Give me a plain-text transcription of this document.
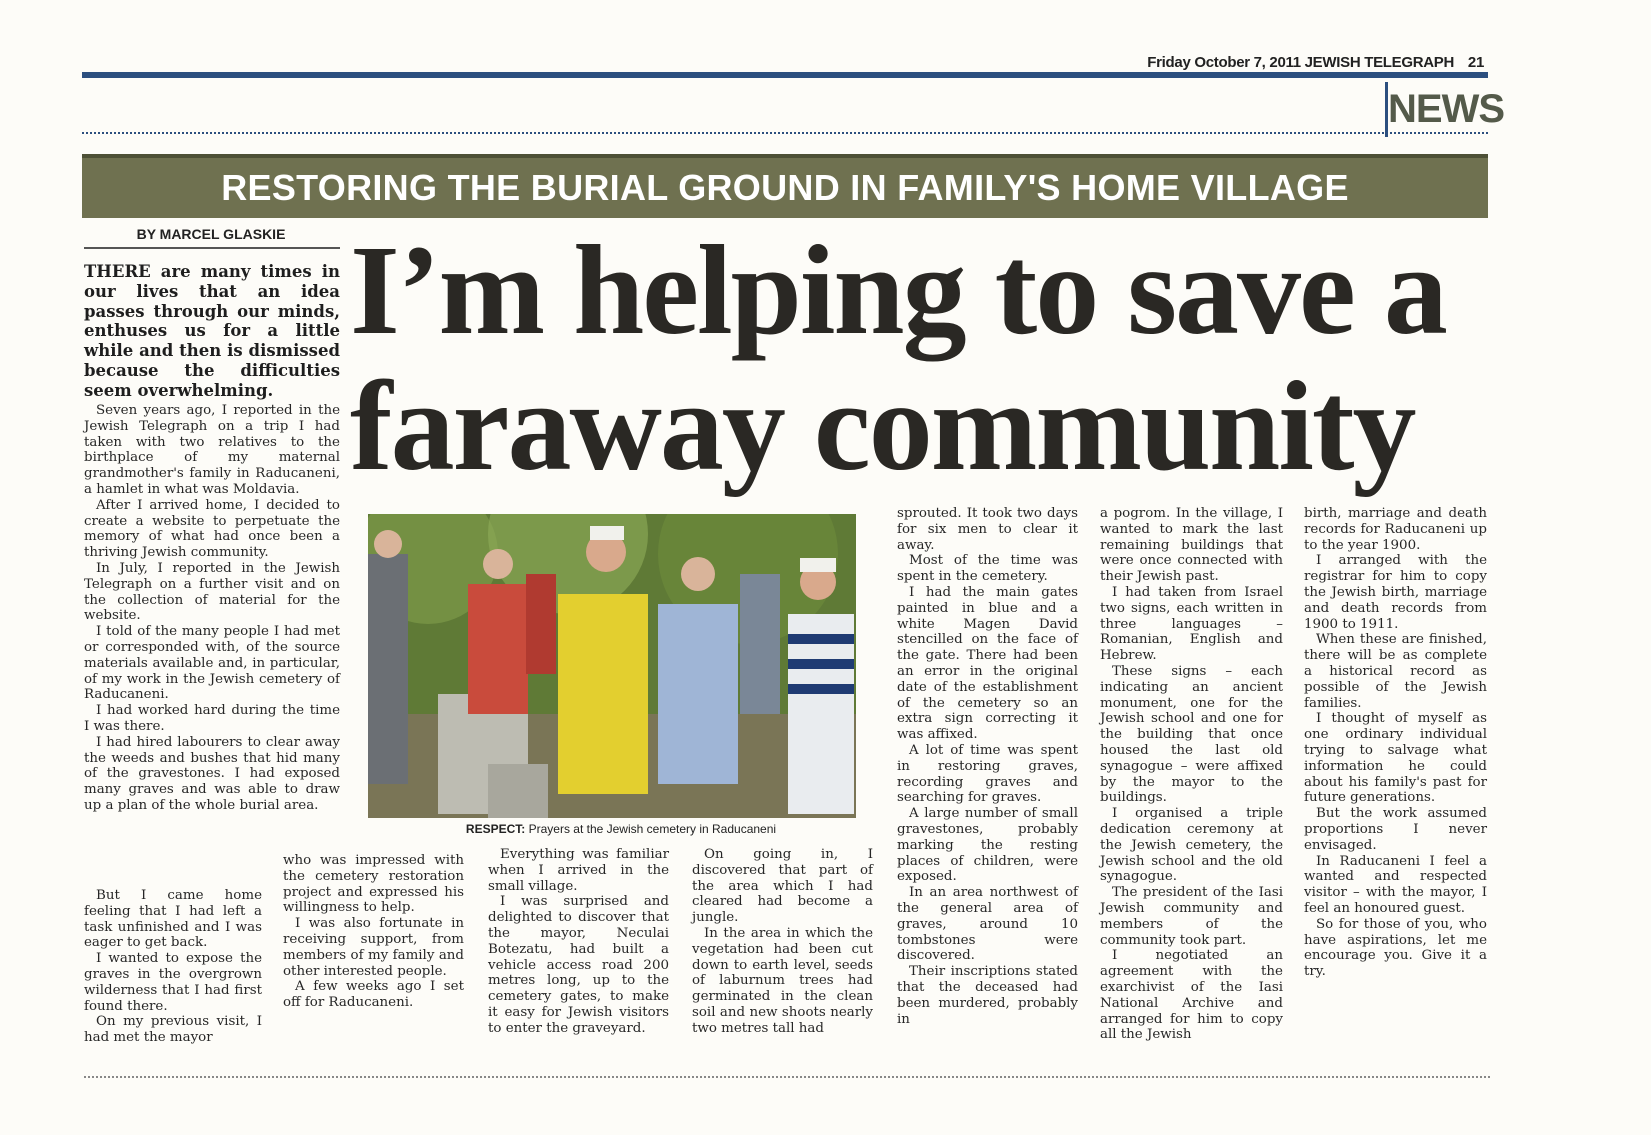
Friday October 7, 2011 JEWISH TELEGRAPH 21
NEWS
RESTORING THE BURIAL GROUND IN FAMILY'S HOME VILLAGE
BY MARCEL GLASKIE I’m helping to save a
faraway community
THERE are many times in our lives that an idea passes through our minds, enthuses us for a little while and then is dismissed because the difficulties seem overwhelming.

Seven years ago, I reported in the Jewish Telegraph on a trip I had taken with two relatives to the birthplace of my maternal grandmother's family in Raducaneni, a hamlet in what was Moldavia.

After I arrived home, I decided to create a website to perpetuate the memory of what had once been a thriving Jewish community.

In July, I reported in the Jewish Telegraph on a further visit and on the collection of material for the website.

I told of the many people I had met or corresponded with, of the source materials available and, in particular, of my work in the Jewish cemetery of Raducaneni.

I had worked hard during the time I was there.

I had hired labourers to clear away the weeds and bushes that hid many of the gravestones. I had exposed many graves and was able to draw up a plan of the whole burial area.

But I came home feeling that I had left a task unfinished and I was eager to get back.

I wanted to expose the graves in the overgrown wilderness that I had first found there.

On my previous visit, I had met the mayor

who was impressed with the cemetery restoration project and expressed his willingness to help.

I was also fortunate in receiving support, from members of my family and other interested people.

A few weeks ago I set off for Raducaneni.

Everything was familiar when I arrived in the small village.

I was surprised and delighted to discover that the mayor, Neculai Botezatu, had built a vehicle access road 200 metres long, up to the cemetery gates, to make it easy for Jewish visitors to enter the graveyard.

On going in, I discovered that part of the area which I had cleared had become a jungle.

In the area in which the vegetation had been cut down to earth level, seeds of laburnum trees had germinated in the clean soil and new shoots nearly two metres tall had

RESPECT: Prayers at the Jewish cemetery in Raducaneni

sprouted. It took two days for six men to clear it away.

Most of the time was spent in the cemetery.

I had the main gates painted in blue and a white Magen David stencilled on the face of the gate. There had been an error in the original date of the establishment of the cemetery so an extra sign correcting it was affixed.

A lot of time was spent in restoring graves, recording graves and searching for graves.

A large number of small gravestones, probably marking the resting places of children, were exposed.

In an area northwest of the general area of graves, around 10 tombstones were discovered.

Their inscriptions stated that the deceased had been murdered, probably in

a pogrom. In the village, I wanted to mark the last remaining buildings that were once connected with their Jewish past.

I had taken from Israel two signs, each written in three languages – Romanian, English and Hebrew.

These signs – each indicating an ancient monument, one for the Jewish school and one for the building that once housed the last old synagogue – were affixed by the mayor to the buildings.

I organised a triple dedication ceremony at the Jewish cemetery, the Jewish school and the old synagogue.

The president of the Iasi Jewish community and members of the community took part.

I negotiated an agreement with the exarchivist of the Iasi National Archive and arranged for him to copy all the Jewish

birth, marriage and death records for Raducaneni up to the year 1900.

I arranged with the registrar for him to copy the Jewish birth, marriage and death records from 1900 to 1911.

When these are finished, there will be as complete a historical record as possible of the Jewish families.

I thought of myself as one ordinary individual trying to salvage what information he could about his family's past for future generations.

But the work assumed proportions I never envisaged.

In Raducaneni I feel a wanted and respected visitor – with the mayor, I feel an honoured guest.

So for those of you, who have aspirations, let me encourage you. Give it a try.
